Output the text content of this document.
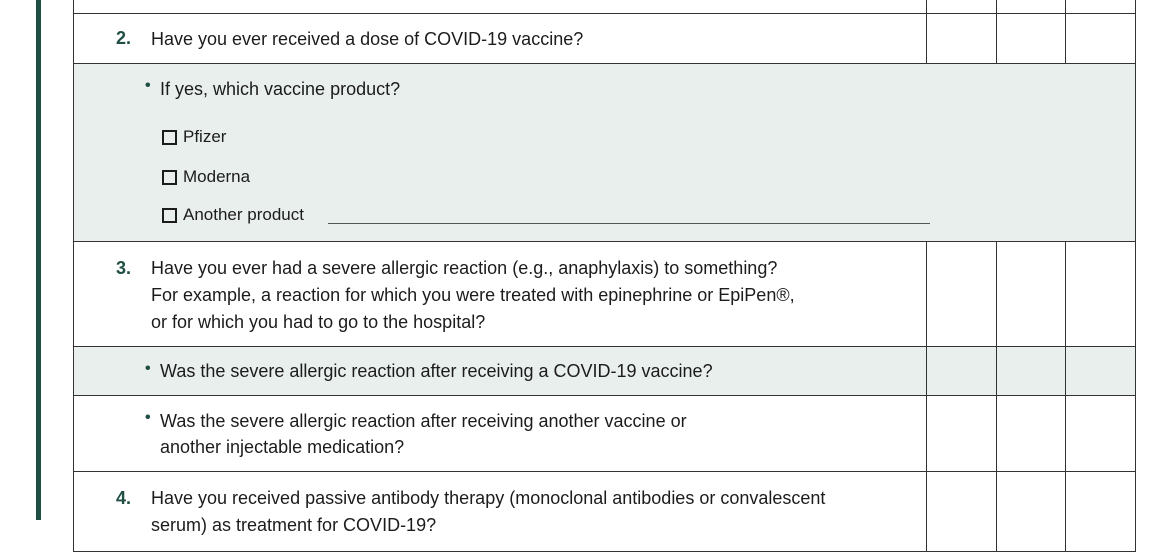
2. Have you ever received a dose of COVID-19 vaccine?
• If yes, which vaccine product?
Pfizer
Moderna
Another product
3. Have you ever had a severe allergic reaction (e.g., anaphylaxis) to something?
For example, a reaction for which you were treated with epinephrine or EpiPen®,
or for which you had to go to the hospital?
• Was the severe allergic reaction after receiving a COVID-19 vaccine?
• Was the severe allergic reaction after receiving another vaccine or
another injectable medication?
4. Have you received passive antibody therapy (monoclonal antibodies or convalescent
serum) as treatment for COVID-19?
